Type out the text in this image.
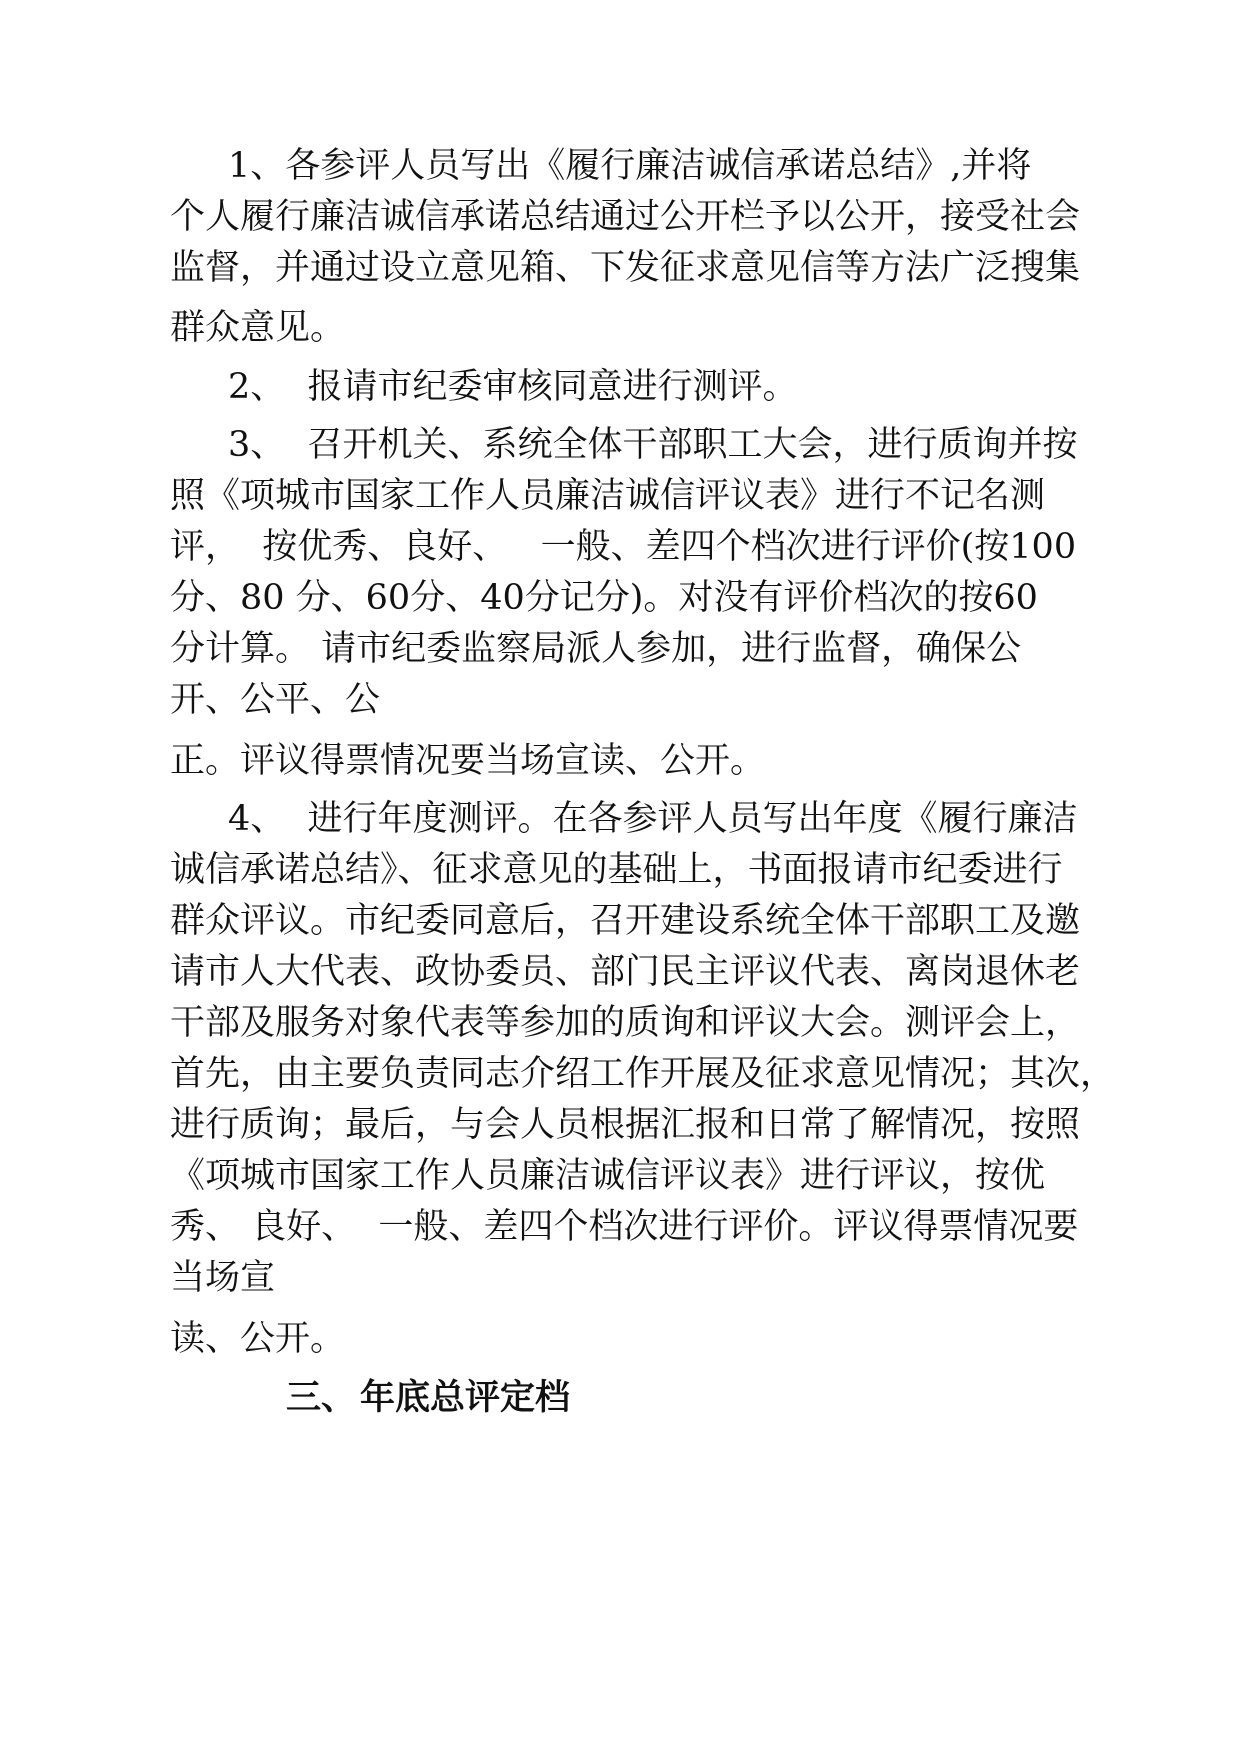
1、各参评人员写出《履行廉洁诚信承诺总结》,并将
个人履行廉洁诚信承诺总结通过公开栏予以公开，接受社会
监督，并通过设立意见箱、下发征求意见信等方法广泛搜集
群众意见。
2、  报请市纪委审核同意进行测评。
3、  召开机关、系统全体干部职工大会，进行质询并按
照《项城市国家工作人员廉洁诚信评议表》进行不记名测
评，  按优秀、良好、   一般、差四个档次进行评价(按100
分、80 分、60分、40分记分)。对没有评价档次的按60
分计算。 请市纪委监察局派人参加，进行监督，确保公
开、公平、公
正。评议得票情况要当场宣读、公开。
4、  进行年度测评。在各参评人员写出年度《履行廉洁
诚信承诺总结》、征求意见的基础上，书面报请市纪委进行
群众评议。市纪委同意后，召开建设系统全体干部职工及邀
请市人大代表、政协委员、部门民主评议代表、离岗退休老
干部及服务对象代表等参加的质询和评议大会。测评会上，
首先，由主要负责同志介绍工作开展及征求意见情况；其次，
进行质询；最后，与会人员根据汇报和日常了解情况，按照
《项城市国家工作人员廉洁诚信评议表》进行评议，按优
秀、 良好、  一般、差四个档次进行评价。评议得票情况要
当场宣
读、公开。
三、 年底总评定档
